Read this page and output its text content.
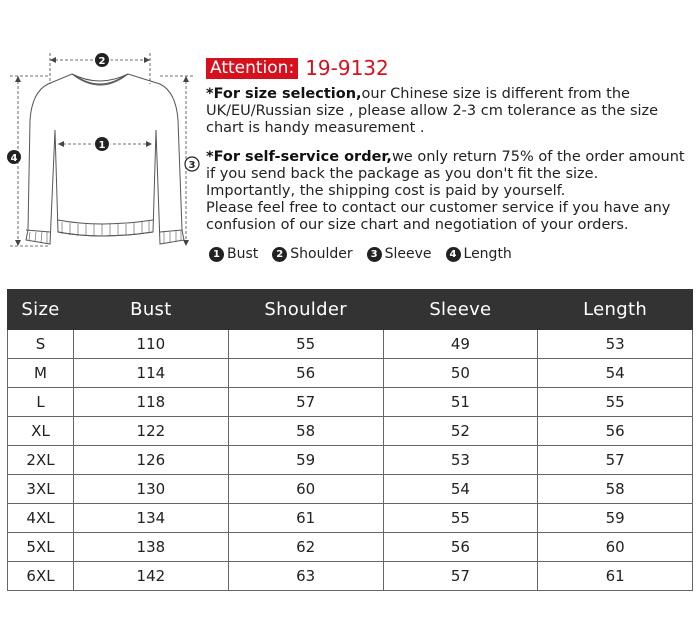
2
1
4
3
Attention: 19-9132

*For size selection,our Chinese size is different from the UK/EU/Russian size , please allow 2-3 cm tolerance as the size chart is handy measurement .

*For self-service order,we only return 75% of the order amount if you send back the package as you don't fit the size.

Importantly, the shipping cost is paid by yourself.

Please feel free to contact our customer service if you have any confusion of our size chart and negotiation of your orders.

1 Bust	2 Shoulder	3 Sleeve	4 Length
Size	Bust	Shoulder	Sleeve	Length
S	110	55	49	53
M	114	56	50	54
L	118	57	51	55
XL	122	58	52	56
2XL	126	59	53	57
3XL	130	60	54	58
4XL	134	61	55	59
5XL	138	62	56	60
6XL	142	63	57	61
